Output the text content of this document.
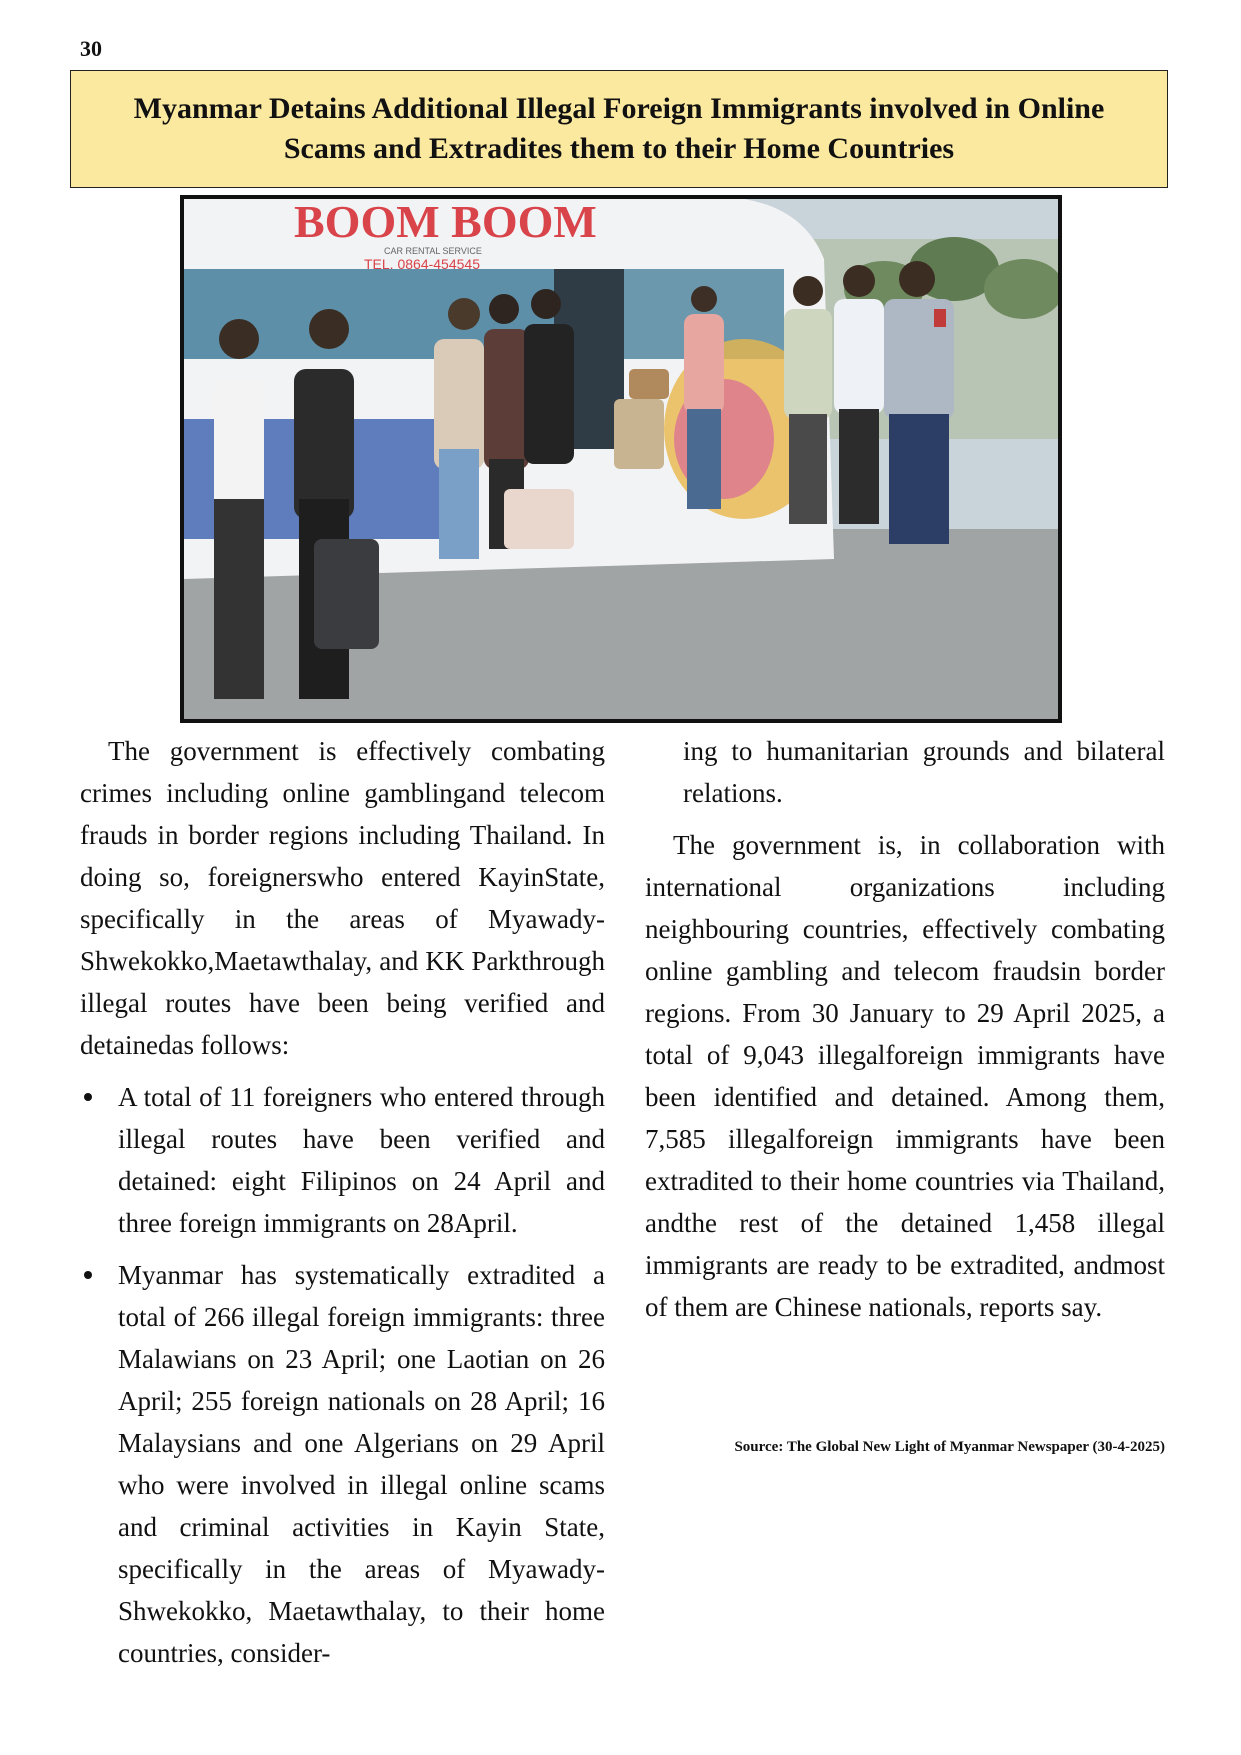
30
Myanmar Detains Additional Illegal Foreign Immigrants involved in Online Scams and Extradites them to their Home Countries
BOOM BOOM
CAR RENTAL SERVICE
TEL. 0864-454545

The government is effectively combating crimes including online gamblingand telecom frauds in border regions including Thailand. In doing so, foreignerswho entered KayinState, specifically in the areas of Myawady-Shwekokko,Maetawthalay, and KK Parkthrough illegal routes have been being verified and detainedas follows:

A total of 11 foreigners who entered through illegal routes have been verified and detained: eight Filipinos on 24 April and three foreign immigrants on 28April.
Myanmar has systematically extradited a total of 266 illegal foreign immigrants: three Malawians on 23 April; one Laotian on 26 April; 255 foreign nationals on 28 April; 16 Malaysians and one Algerians on 29 April who were involved in illegal online scams and criminal activities in Kayin State, specifically in the areas of Myawady-Shwekokko, Maetawthalay, to their home countries, consider-

ing to humanitarian grounds and bilateral relations.

The government is, in collaboration with international organizations including neighbouring countries, effectively combating online gambling and telecom fraudsin border regions. From 30 January to 29 April 2025, a total of 9,043 illegalforeign immigrants have been identified and detained. Among them, 7,585 illegalforeign immigrants have been extradited to their home countries via Thailand, andthe rest of the detained 1,458 illegal immigrants are ready to be extradited, andmost of them are Chinese nationals, reports say.

Source: The Global New Light of Myanmar Newspaper (30-4-2025)
